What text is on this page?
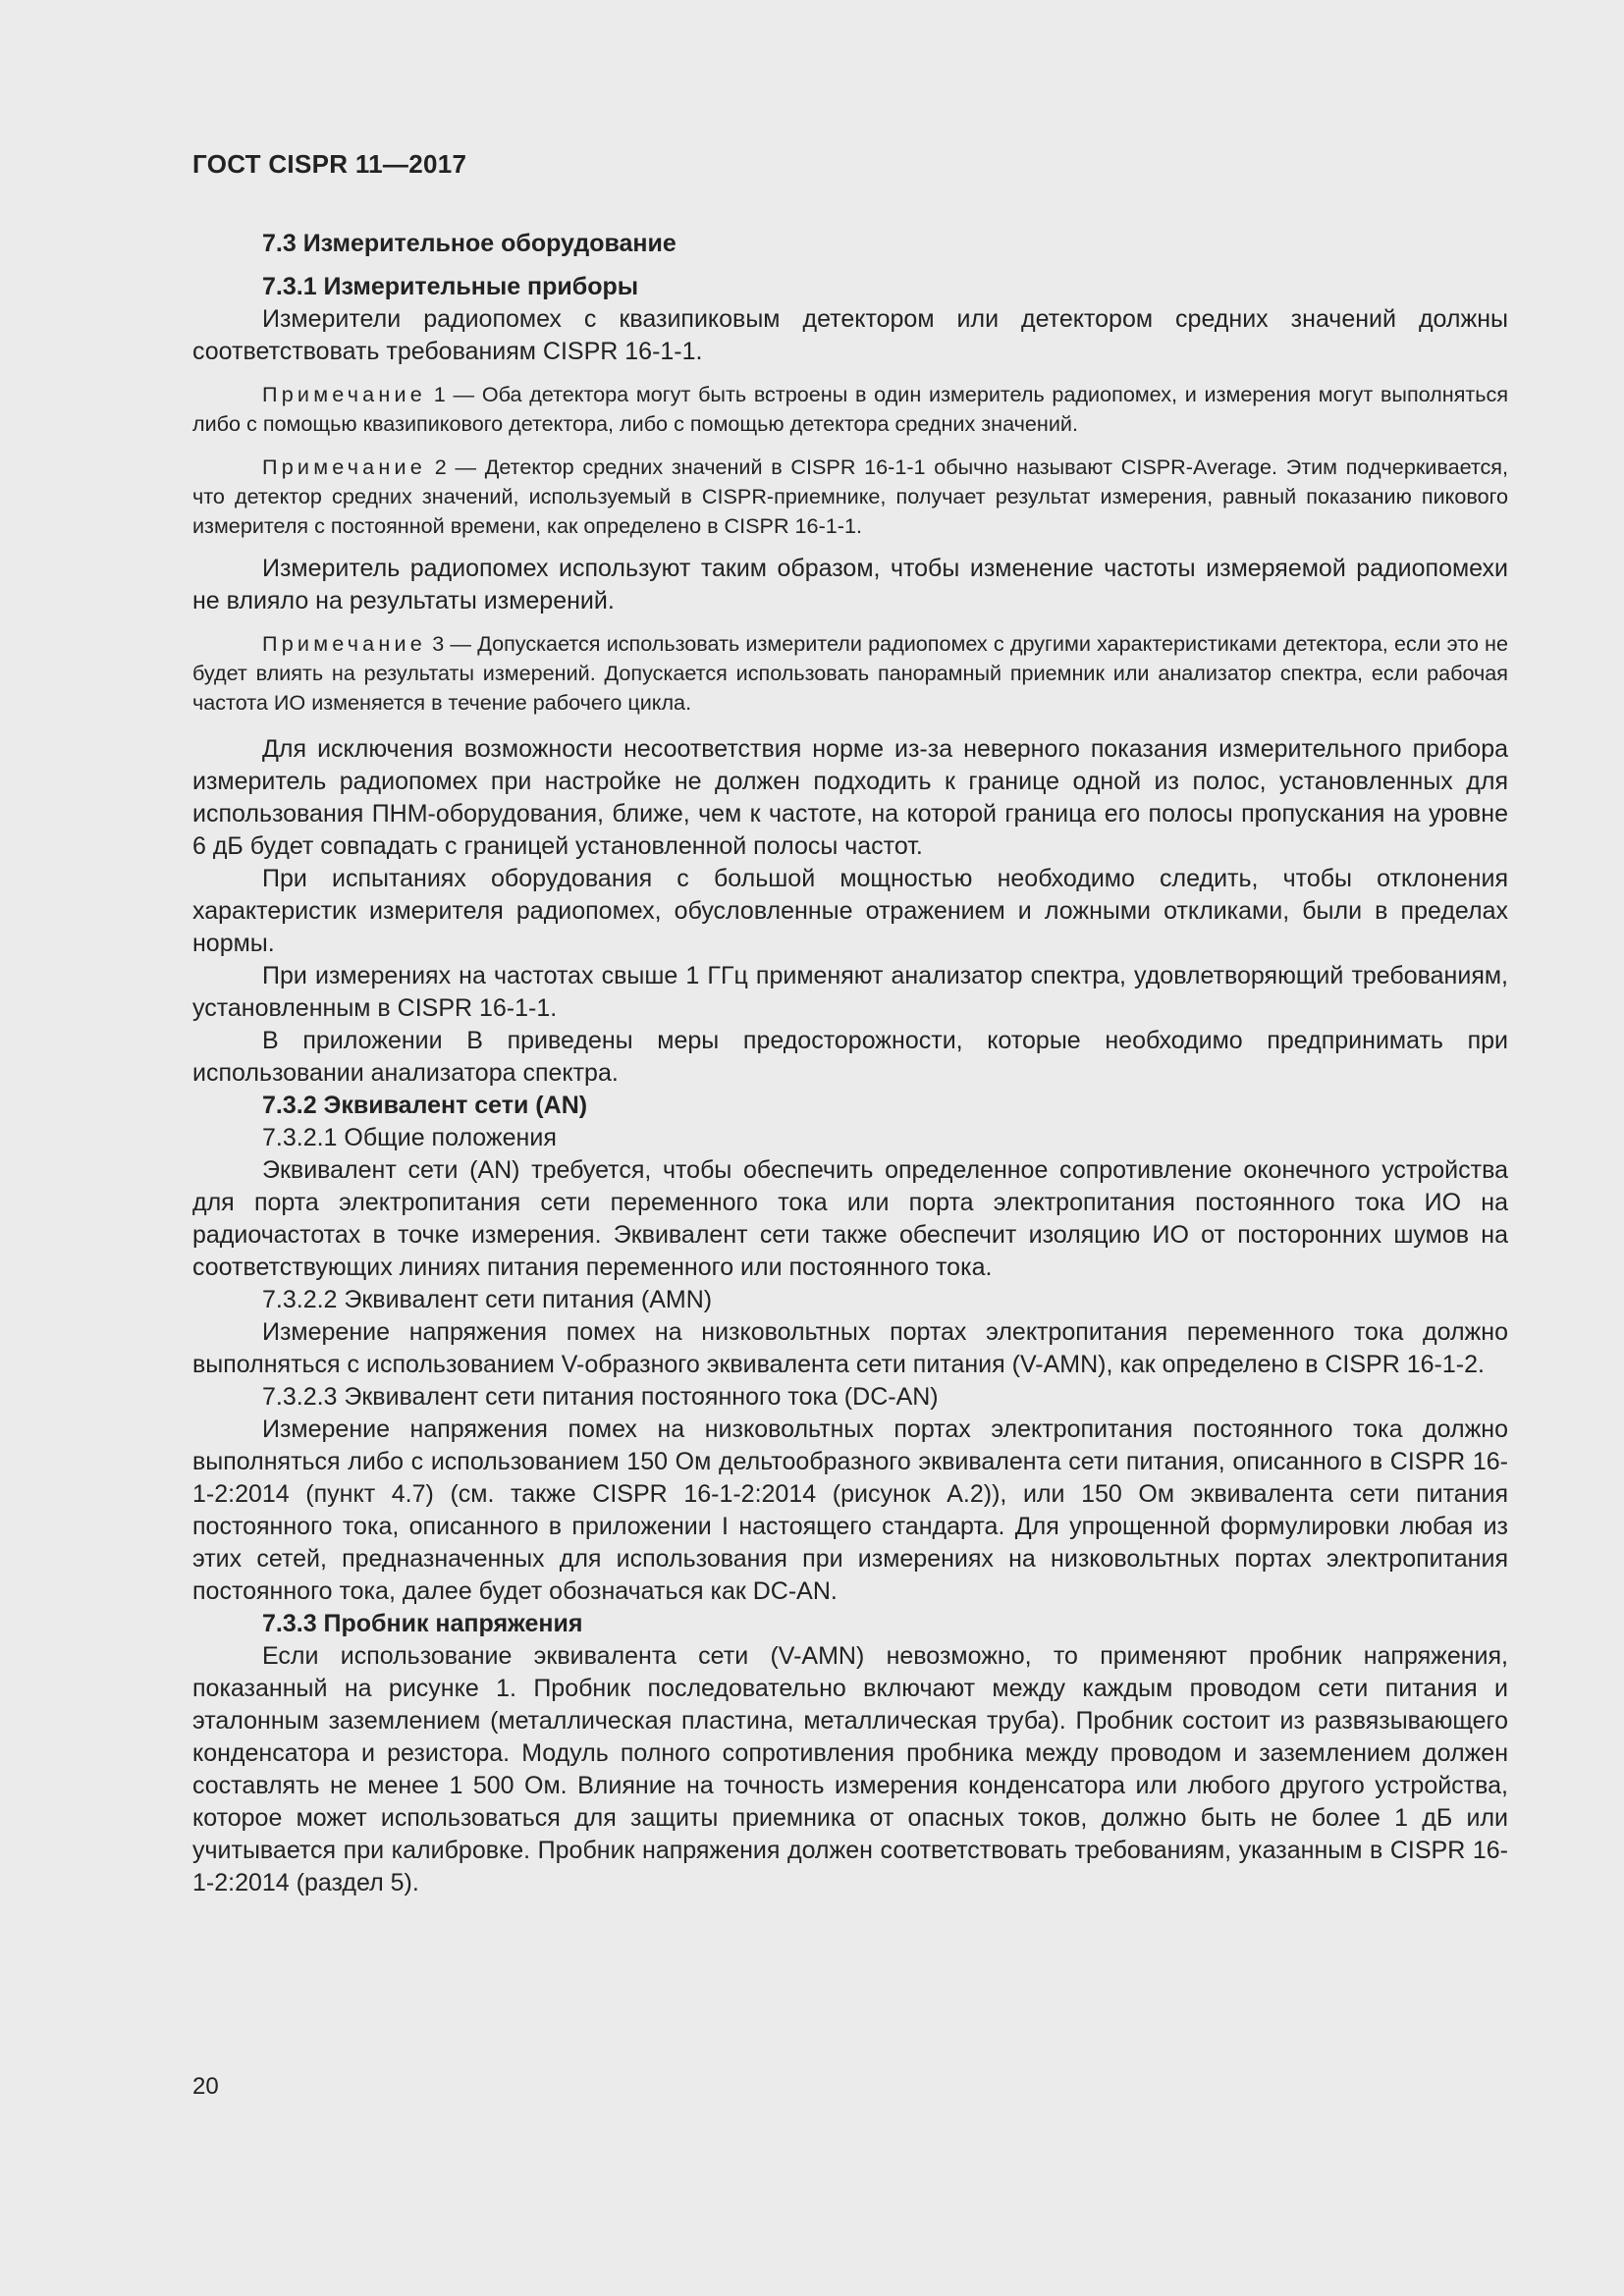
ГОСТ CISPR 11—2017

7.3 Измерительное оборудование

7.3.1 Измерительные приборы

Измерители радиопомех с квазипиковым детектором или детектором средних значений должны соответствовать требованиям CISPR 16-1-1.

Примечание 1 — Оба детектора могут быть встроены в один измеритель радиопомех, и измерения могут выполняться либо с помощью квазипикового детектора, либо с помощью детектора средних значений.

Примечание 2 — Детектор средних значений в CISPR 16-1-1 обычно называют CISPR-Average. Этим подчеркивается, что детектор средних значений, используемый в CISPR-приемнике, получает результат измерения, равный показанию пикового измерителя с постоянной времени, как определено в CISPR 16-1-1.

Измеритель радиопомех используют таким образом, чтобы изменение частоты измеряемой радиопомехи не влияло на результаты измерений.

Примечание 3 — Допускается использовать измерители радиопомех с другими характеристиками детектора, если это не будет влиять на результаты измерений. Допускается использовать панорамный приемник или анализатор спектра, если рабочая частота ИО изменяется в течение рабочего цикла.

Для исключения возможности несоответствия норме из-за неверного показания измерительного прибора измеритель радиопомех при настройке не должен подходить к границе одной из полос, установленных для использования ПНМ-оборудования, ближе, чем к частоте, на которой граница его полосы пропускания на уровне 6 дБ будет совпадать с границей установленной полосы частот.

При испытаниях оборудования с большой мощностью необходимо следить, чтобы отклонения характеристик измерителя радиопомех, обусловленные отражением и ложными откликами, были в пределах нормы.

При измерениях на частотах свыше 1 ГГц применяют анализатор спектра, удовлетворяющий требованиям, установленным в CISPR 16-1-1.

В приложении В приведены меры предосторожности, которые необходимо предпринимать при использовании анализатора спектра.

7.3.2 Эквивалент сети (AN)

7.3.2.1 Общие положения

Эквивалент сети (AN) требуется, чтобы обеспечить определенное сопротивление оконечного устройства для порта электропитания сети переменного тока или порта электропитания постоянного тока ИО на радиочастотах в точке измерения. Эквивалент сети также обеспечит изоляцию ИО от посторонних шумов на соответствующих линиях питания переменного или постоянного тока.

7.3.2.2 Эквивалент сети питания (AMN)

Измерение напряжения помех на низковольтных портах электропитания переменного тока должно выполняться с использованием V-образного эквивалента сети питания (V-AMN), как определено в CISPR 16-1-2.

7.3.2.3 Эквивалент сети питания постоянного тока (DC-AN)

Измерение напряжения помех на низковольтных портах электропитания постоянного тока должно выполняться либо с использованием 150 Ом дельтообразного эквивалента сети питания, описанного в CISPR 16-1-2:2014 (пункт 4.7) (см. также CISPR 16-1-2:2014 (рисунок A.2)), или 150 Ом эквивалента сети питания постоянного тока, описанного в приложении I настоящего стандарта. Для упрощенной формулировки любая из этих сетей, предназначенных для использования при измерениях на низковольтных портах электропитания постоянного тока, далее будет обозначаться как DC-AN.

7.3.3 Пробник напряжения

Если использование эквивалента сети (V-AMN) невозможно, то применяют пробник напряжения, показанный на рисунке 1. Пробник последовательно включают между каждым проводом сети питания и эталонным заземлением (металлическая пластина, металлическая труба). Пробник состоит из развязывающего конденсатора и резистора. Модуль полного сопротивления пробника между проводом и заземлением должен составлять не менее 1 500 Ом. Влияние на точность измерения конденсатора или любого другого устройства, которое может использоваться для защиты приемника от опасных токов, должно быть не более 1 дБ или учитывается при калибровке. Пробник напряжения должен соответствовать требованиям, указанным в CISPR 16-1-2:2014 (раздел 5).

20
